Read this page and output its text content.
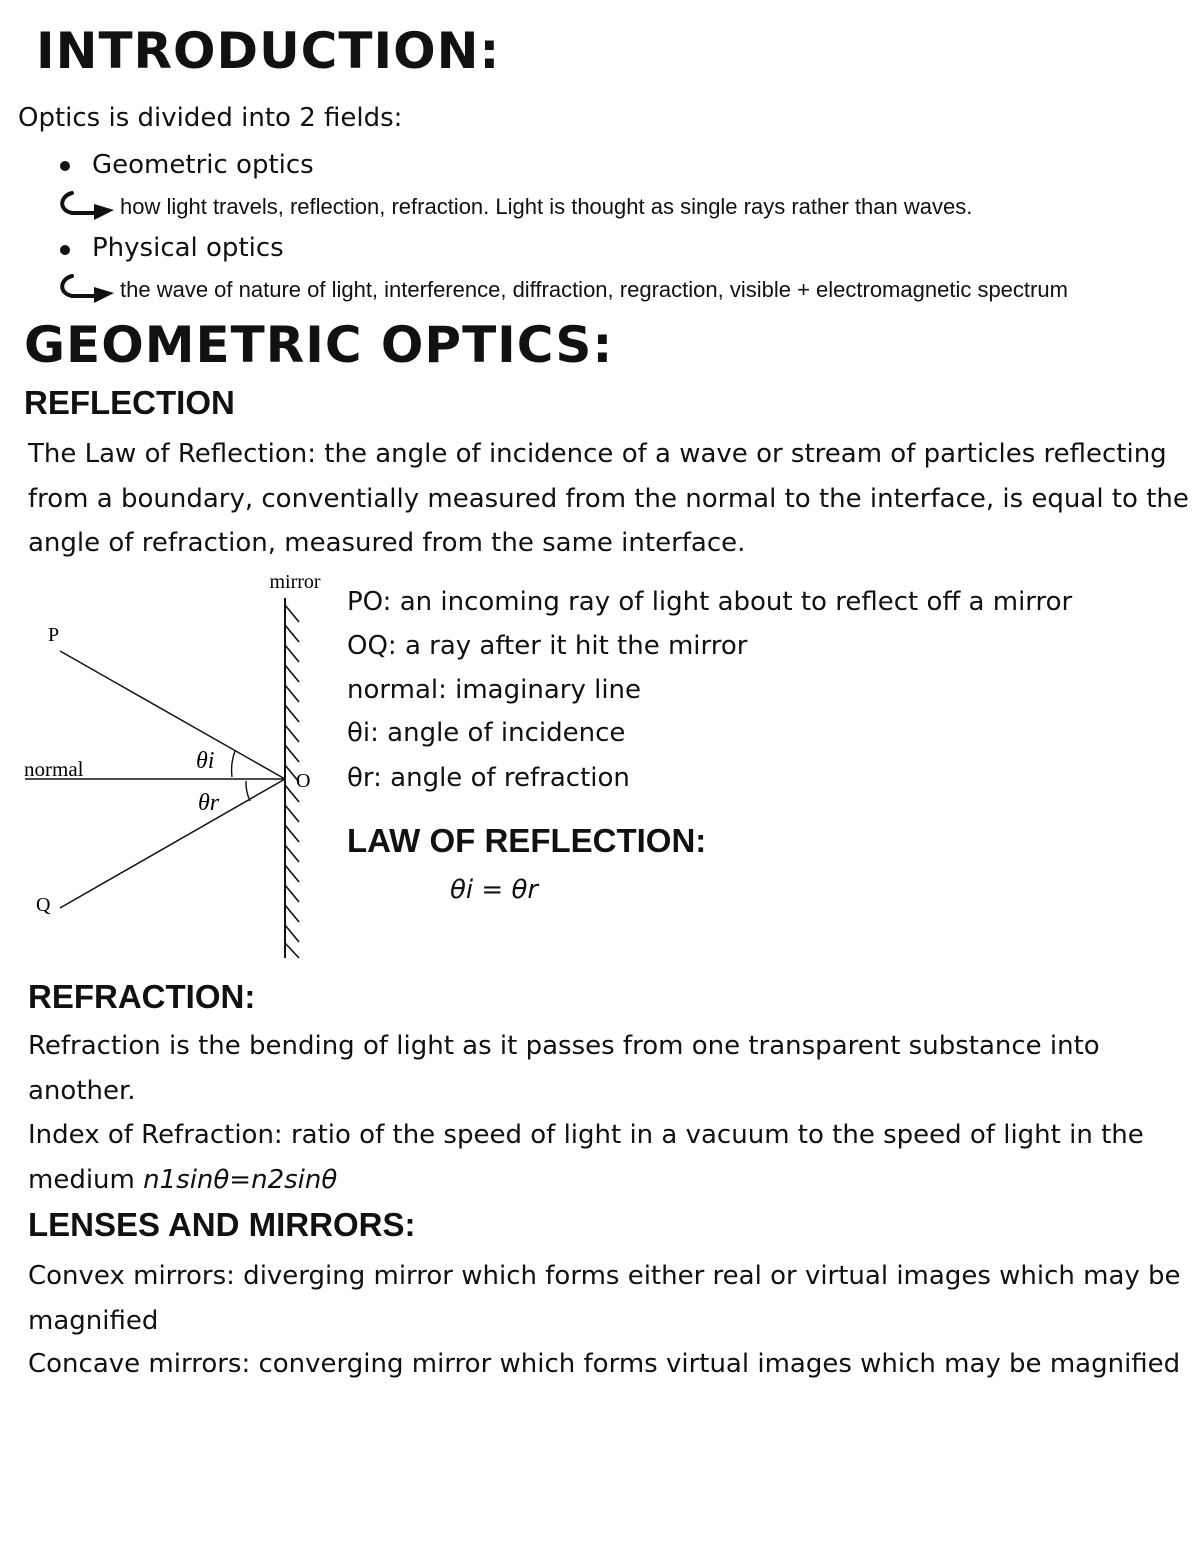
INTRODUCTION:
Optics is divided into 2 fields:
Geometric optics
how light travels, reflection, refraction. Light is thought as single rays rather than waves.
Physical optics
the wave of nature of light, interference, diffraction, regraction, visible + electromagnetic spectrum
GEOMETRIC OPTICS:
REFLECTION
The Law of Reflection: the angle of incidence of a wave or stream of particles reflecting from a boundary, conventially measured from the normal to the interface, is equal to the angle of refraction, measured from the same interface.
mirror
normal
P
Q
O
θi
θr
PO: an incoming ray of light about to reflect off a mirror
OQ: a ray after it hit the mirror
normal: imaginary line
θi: angle of incidence
θr: angle of refraction
LAW OF REFLECTION:
θi = θr
REFRACTION:
Refraction is the bending of light as it passes from one transparent substance into another.
Index of Refraction: ratio of the speed of light in a vacuum to the speed of light in the medium n1sinθ=n2sinθ
LENSES AND MIRRORS:
Convex mirrors: diverging mirror which forms either real or virtual images which may be magnified
Concave mirrors: converging mirror which forms virtual images which may be magnified
